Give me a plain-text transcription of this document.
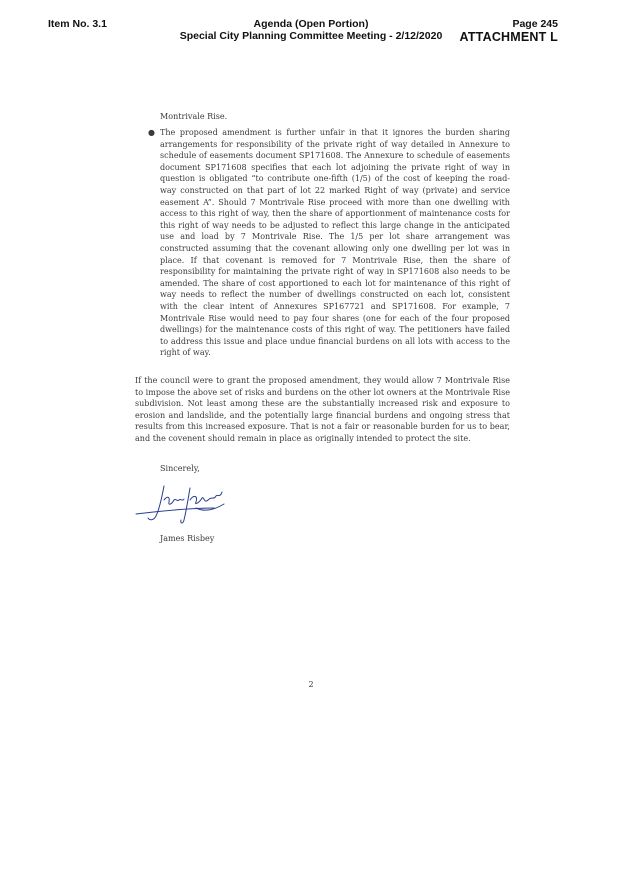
Item No. 3.1	Agenda (Open Portion)
Special City Planning Committee Meeting - 2/12/2020
Page 245
ATTACHMENT L
Montrivale Rise.
● The proposed amendment is further unfair in that it ignores the burden sharing arrangements for responsibility of the private right of way detailed in Annexure to schedule of easements document SP171608. The Annexure to schedule of easements document SP171608 specifies that each lot adjoining the private right of way in question is obligated “to contribute one-fifth (1/5) of the cost of keeping the road-way constructed on that part of lot 22 marked Right of way (private) and service easement A”. Should 7 Montrivale Rise proceed with more than one dwelling with access to this right of way, then the share of apportionment of maintenance costs for this right of way needs to be adjusted to reflect this large change in the anticipated use and load by 7 Montrivale Rise. The 1/5 per lot share arrangement was constructed assuming that the covenant allowing only one dwelling per lot was in place. If that covenant is removed for 7 Montrivale Rise, then the share of responsibility for maintaining the private right of way in SP171608 also needs to be amended. The share of cost apportioned to each lot for maintenance of this right of way needs to reflect the number of dwellings constructed on each lot, consistent with the clear intent of Annexures SP167721 and SP171608. For example, 7 Montrivale Rise would need to pay four shares (one for each of the four proposed dwellings) for the maintenance costs of this right of way. The petitioners have failed to address this issue and place undue financial burdens on all lots with access to the right of way.
If the council were to grant the proposed amendment, they would allow 7 Montrivale Rise to impose the above set of risks and burdens on the other lot owners at the Montrivale Rise subdivision. Not least among these are the substantially increased risk and exposure to erosion and landslide, and the potentially large financial burdens and ongoing stress that results from this increased exposure. That is not a fair or reasonable burden for us to bear, and the covenent should remain in place as originally intended to protect the site.
Sincerely,
James Risbey
2
